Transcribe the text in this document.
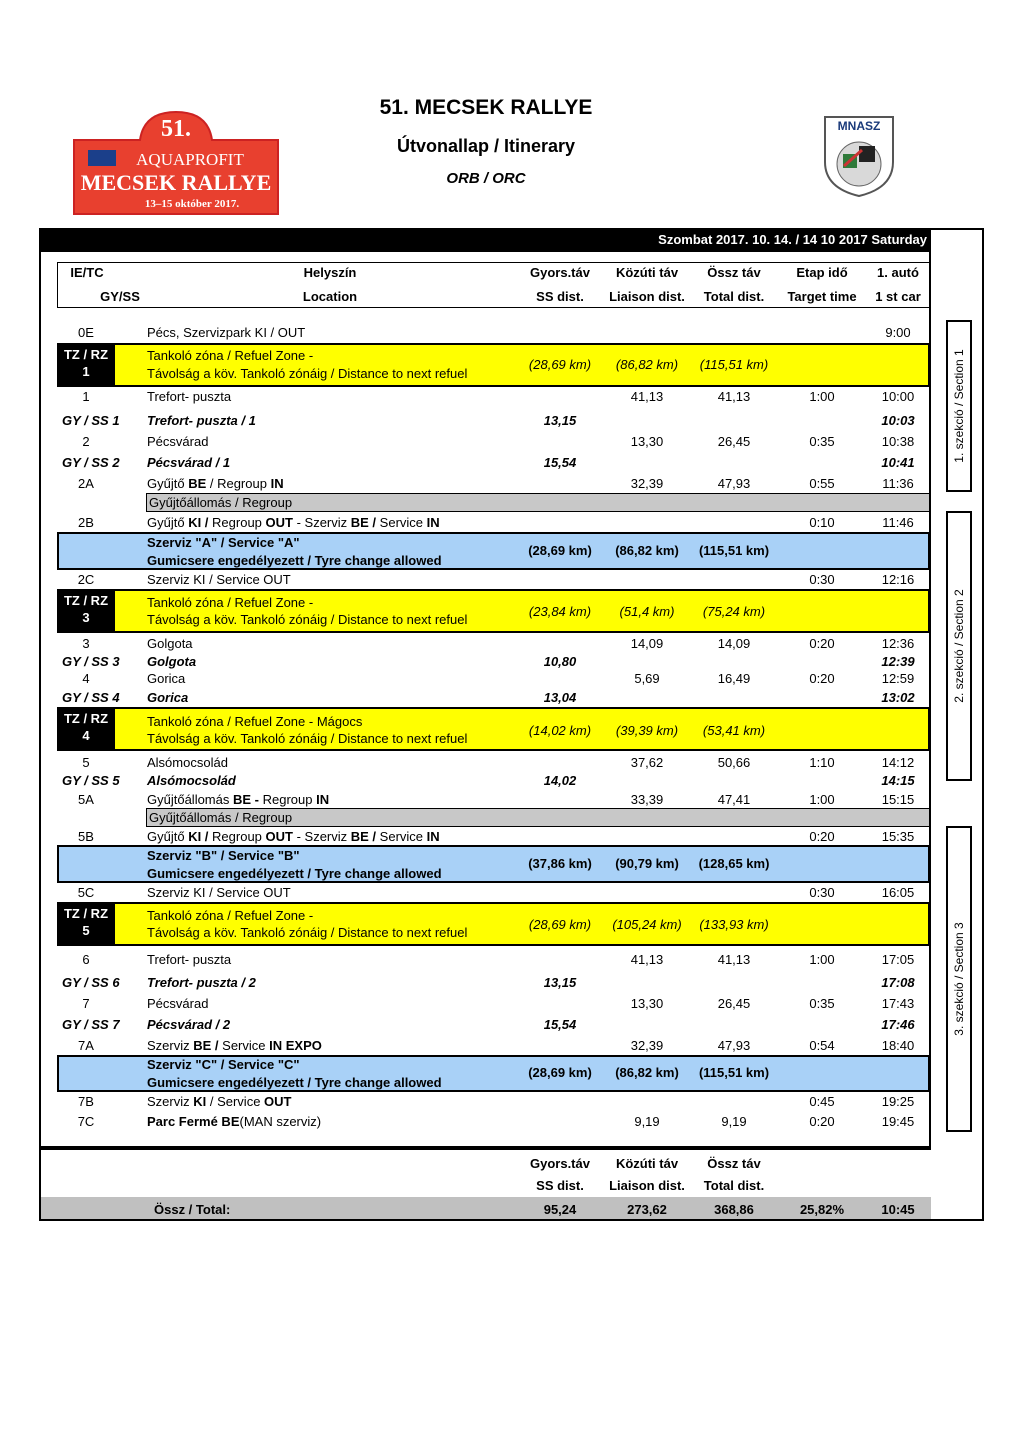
51.
AQUAPROFIT
MECSEK RALLYE
13–15 október 2017.
51. MECSEK RALLYE
Útvonallap / Itinerary
ORB / ORC
MNASZ
Szombat 2017. 10. 14. / 14 10 2017 Saturday
IE/TC
GY/SS
Helyszín
Location
Gyors.táv
SS dist.
Közúti táv
Liaison dist.
Össz táv
Total dist.
Etap idő
Target time
1. autó
1 st car
1. szekció / Section 1
2. szekció / Section 2
3. szekció / Section 3
0E	Pécs, Szervizpark KI / OUT	9:00
TZ / RZ
1
Tankoló zóna / Refuel Zone -
Távolság a köv. Tankoló zónáig / Distance to next refuel
(28,69 km)	(86,82 km)	(115,51 km)
1	Trefort- puszta	41,13	41,13	1:00	10:00
GY / SS 1 Trefort- puszta / 1	13,15	10:03
2	Pécsvárad	13,30	26,45	0:35	10:38
GY / SS 2 Pécsvárad / 1	15,54	10:41
2A	Gyűjtő BE / Regroup IN	32,39	47,93	0:55	11:36
Gyűjtőállomás / Regroup
2B	Gyűjtő KI / Regroup OUT - Szerviz BE / Service IN	0:10	11:46
Szerviz "A" / Service "A"
Gumicsere engedélyezett / Tyre change allowed
(28,69 km)	(86,82 km)	(115,51 km)
2C	Szerviz KI / Service OUT	0:30	12:16
TZ / RZ
3
Tankoló zóna / Refuel Zone -
Távolság a köv. Tankoló zónáig / Distance to next refuel
(23,84 km)	(51,4 km)	(75,24 km)
3	Golgota	14,09	14,09	0:20	12:36
GY / SS 3 Golgota	10,80	12:39
4	Gorica	5,69	16,49	0:20	12:59
GY / SS 4 Gorica	13,04	13:02
TZ / RZ
4
Tankoló zóna / Refuel Zone - Mágocs
Távolság a köv. Tankoló zónáig / Distance to next refuel
(14,02 km)	(39,39 km)	(53,41 km)
5	Alsómocsolád	37,62	50,66	1:10	14:12
GY / SS 5 Alsómocsolád	14,02	14:15
5A	Gyűjtőállomás BE - Regroup IN	33,39	47,41	1:00	15:15
Gyűjtőállomás / Regroup
5B	Gyűjtő KI / Regroup OUT - Szerviz BE / Service IN	0:20	15:35
Szerviz "B" / Service "B"
Gumicsere engedélyezett / Tyre change allowed
(37,86 km)	(90,79 km)	(128,65 km)
5C	Szerviz KI / Service OUT	0:30	16:05
TZ / RZ
5
Tankoló zóna / Refuel Zone -
Távolság a köv. Tankoló zónáig / Distance to next refuel
(28,69 km)	(105,24 km)	(133,93 km)
6	Trefort- puszta	41,13	41,13	1:00	17:05
GY / SS 6 Trefort- puszta / 2	13,15	17:08
7	Pécsvárad	13,30	26,45	0:35	17:43
GY / SS 7 Pécsvárad / 2	15,54	17:46
7A	Szerviz BE / Service IN EXPO	32,39	47,93	0:54	18:40
Szerviz "C" / Service "C"
Gumicsere engedélyezett / Tyre change allowed
(28,69 km)	(86,82 km)	(115,51 km)
7B	Szerviz KI / Service OUT	0:45	19:25
7C	Parc Fermé BE(MAN szerviz)	9,19	9,19	0:20	19:45
Gyors.táv
SS dist.
Közúti táv
Liaison dist.
Össz táv
Total dist.
Össz / Total:	95,24	273,62	368,86	25,82%	10:45
